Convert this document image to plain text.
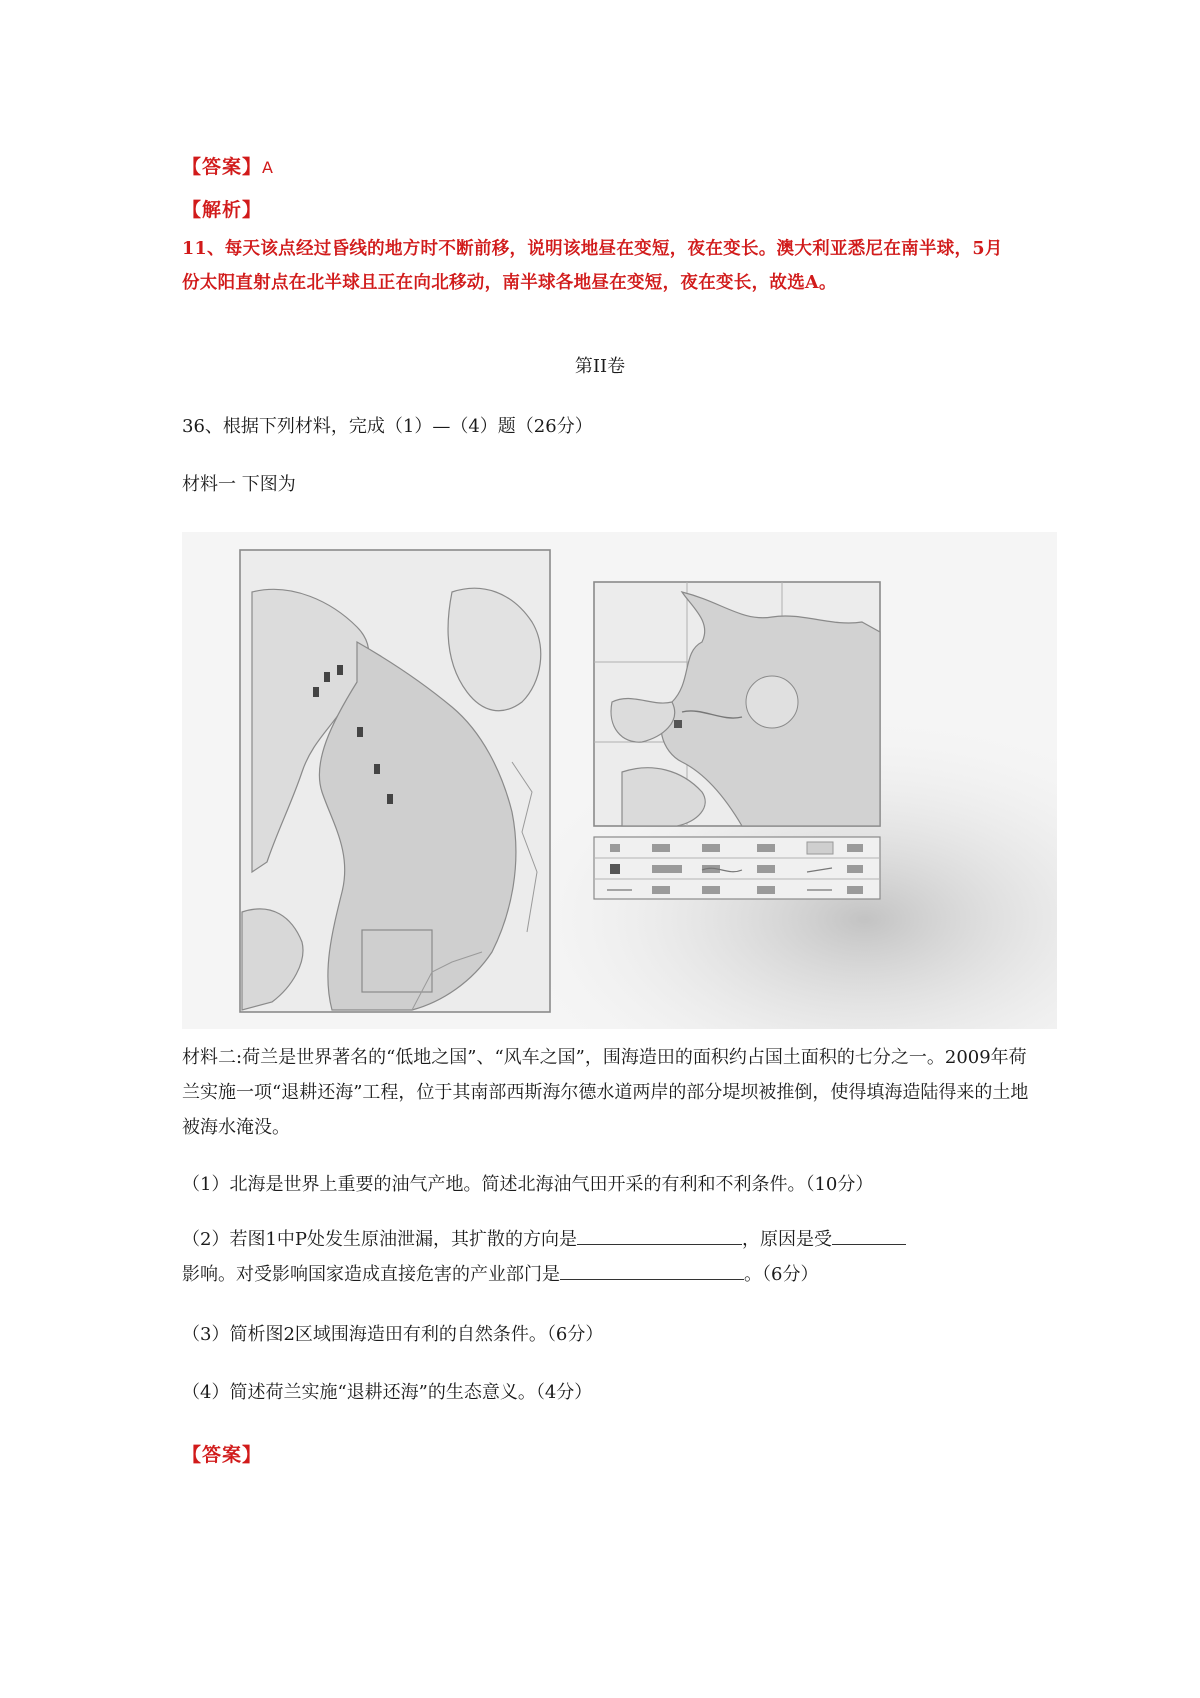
【答案】A
【解析】
11、每天该点经过昏线的地方时不断前移，说明该地昼在变短，夜在变长。澳大利亚悉尼在南半球，5月
份太阳直射点在北半球且正在向北移动，南半球各地昼在变短，夜在变长，故选A。
第II卷
36、根据下列材料，完成（1）—（4）题（26分）
材料一 下图为
材料二:荷兰是世界著名的“低地之国”、“风车之国”，围海造田的面积约占国土面积的七分之一。2009年荷兰实施一项“退耕还海”工程，位于其南部西斯海尔德水道两岸的部分堤坝被推倒，使得填海造陆得来的土地被海水淹没。
（1）北海是世界上重要的油气产地。简述北海油气田开采的有利和不利条件。（10分）
（2）若图1中P处发生原油泄漏，其扩散的方向是	，原因是受
影响。对受影响国家造成直接危害的产业部门是	。（6分）
（3）简析图2区域围海造田有利的自然条件。（6分）
（4）简述荷兰实施“退耕还海”的生态意义。（4分）
【答案】
